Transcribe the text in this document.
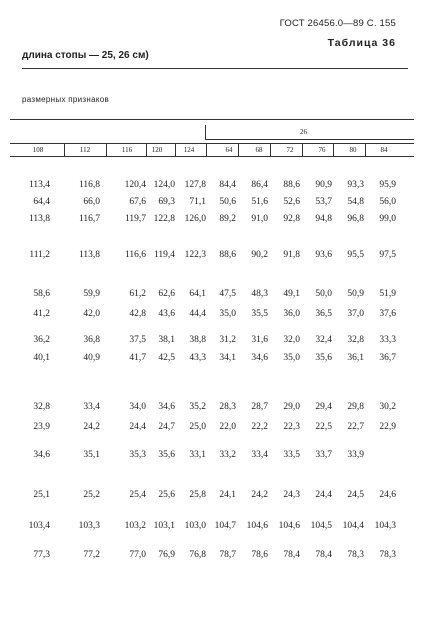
ГОСТ 26456.0—89 С. 155
Таблица 36
длина стопы — 25, 26 см)
размерных признаков
26
108	112	116	120	124	64	68	72	76	80	84
113,4	116,8	120,4 124,0 127,8 84,4 86,4 88,6 90,9 93,3 95,9
64,4	66,0	67,6 69,3 71,1 50,6 51,6 52,6 53,7 54,8 56,0
113,8	116,7	119,7 122,8 126,0 89,2 91,0 92,8 94,8 96,8 99,0
111,2	113,8	116,6 119,4 122,3 88,6 90,2 91,8 93,6 95,5 97,5
58,6	59,9	61,2 62,6 64,1 47,5 48,3 49,1 50,0 50,9 51,9
41,2	42,0	42,8 43,6 44,4 35,0 35,5 36,0 36,5 37,0 37,6
36,2	36,8	37,5 38,1 38,8 31,2 31,6 32,0 32,4 32,8 33,3
40,1	40,9	41,7 42,5 43,3 34,1 34,6 35,0 35,6 36,1 36,7
32,8	33,4	34,0 34,6 35,2 28,3 28,7 29,0 29,4 29,8 30,2
23,9	24,2	24,4 24,7 25,0 22,0 22,2 22,3 22,5 22,7 22,9
34,6	35,1	35,3 35,6 33,1 33,2 33,4 33,5 33,7 33,9
25,1	25,2	25,4 25,6 25,8 24,1 24,2 24,3 24,4 24,5 24,6
103,4	103,3	103,2 103,1 103,0 104,7 104,6 104,6 104,5 104,4 104,3
77,3	77,2	77,0 76,9 76,8 78,7 78,6 78,4 78,4 78,3 78,3
